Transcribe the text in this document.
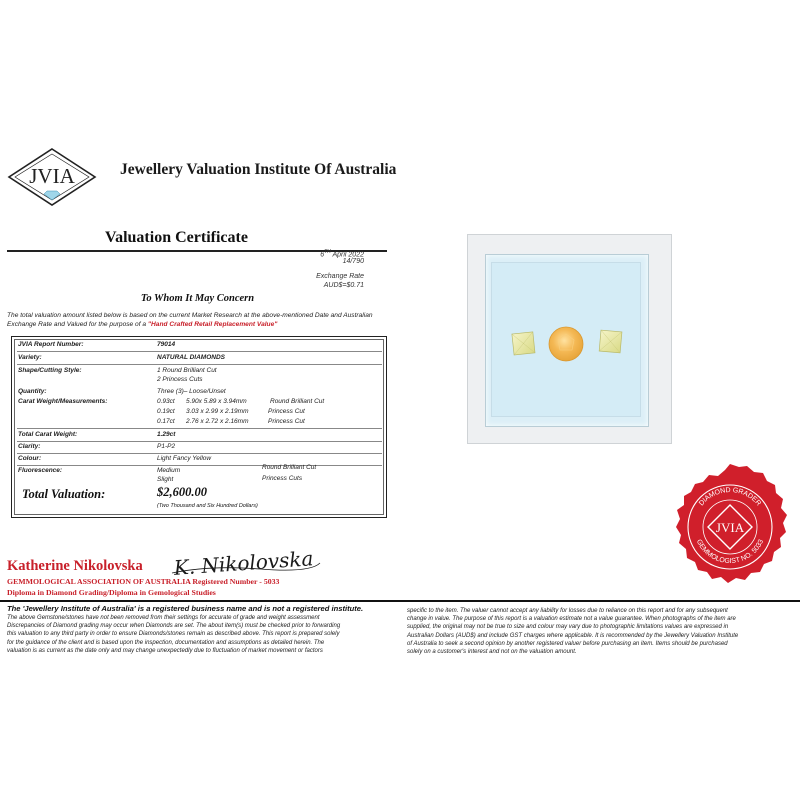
JVIA	Jewellery Valuation Institute Of Australia
Valuation Certificate
6TH April 2022
14/790
Exchange Rate
AUD$=$0.71
To Whom It May Concern
The total valuation amount listed below is based on the current Market Research at the above-mentioned Date and Australian Exchange Rate and Valued for the purpose of a "Hand Crafted Retail Replacement Value"
JVIA Report Number:	79014
Variety:	NATURAL DIAMONDS
Shape/Cutting Style:	1 Round Brilliant Cut
2 Princess Cuts
Quantity:	Three (3)– Loose/Unset
Carat Weight/Measurements:	0.93ct 5.90x 5.89 x 3.94mm	Round Brilliant Cut
0.19ct 3.03 x 2.99 x 2.19mm	Princess Cut
0.17ct 2.76 x 2.72 x 2.16mm	Princess Cut
Total Carat Weight:	1.29ct
Clarity:	P1-P2
Colour:	Light Fancy Yellow
Fluorescence:	Medium	Round Brilliant Cut
Slight	Princess Cuts
Total Valuation:	$2,600.00
(Two Thousand and Six Hundred Dollars)
Katherine Nikolovska K. Nikolovska
GEMMOLOGICAL ASSOCIATION OF AUSTRALIA Registered Number - 5033
Diploma in Diamond Grading/Diploma in Gemological Studies
The 'Jewellery Institute of Australia' is a registered business name and is not a registered institute.
The above Gemstone/stones have not been removed from their settings for accurate of grade and weight assessment
Discrepancies of Diamond grading may occur when Diamonds are set. The about item(s) must be checked prior to forwarding
this valuation to any third party in order to ensure Diamonds/stones remain as described above. This report is prepared solely
for the guidance of the client and is based upon the inspection, documentation and assumptions as detailed herein. The
valuation is as current as the date only and may change unexpectedly due to fluctuation of market movement or factors
specific to the item. The valuer cannot accept any liability for losses due to reliance on this report and for any subsequent
change in value. The purpose of this report is a valuation estimate not a value guarantee. When photographs of the item are
supplied, the original may not be true to size and colour may vary due to photographic limitations values are expressed in
Australian Dollars (AUD$) and include GST charges where applicable. It is recommended by the Jewellery Valuation Institute
of Australia to seek a second opinion by another registered valuer before purchasing an item. Items should be purchased
solely on a customer's interest and not on the valuation amount.
JVIA
DIAMOND GRADER
GEMMOLOGIST NO. 5033
